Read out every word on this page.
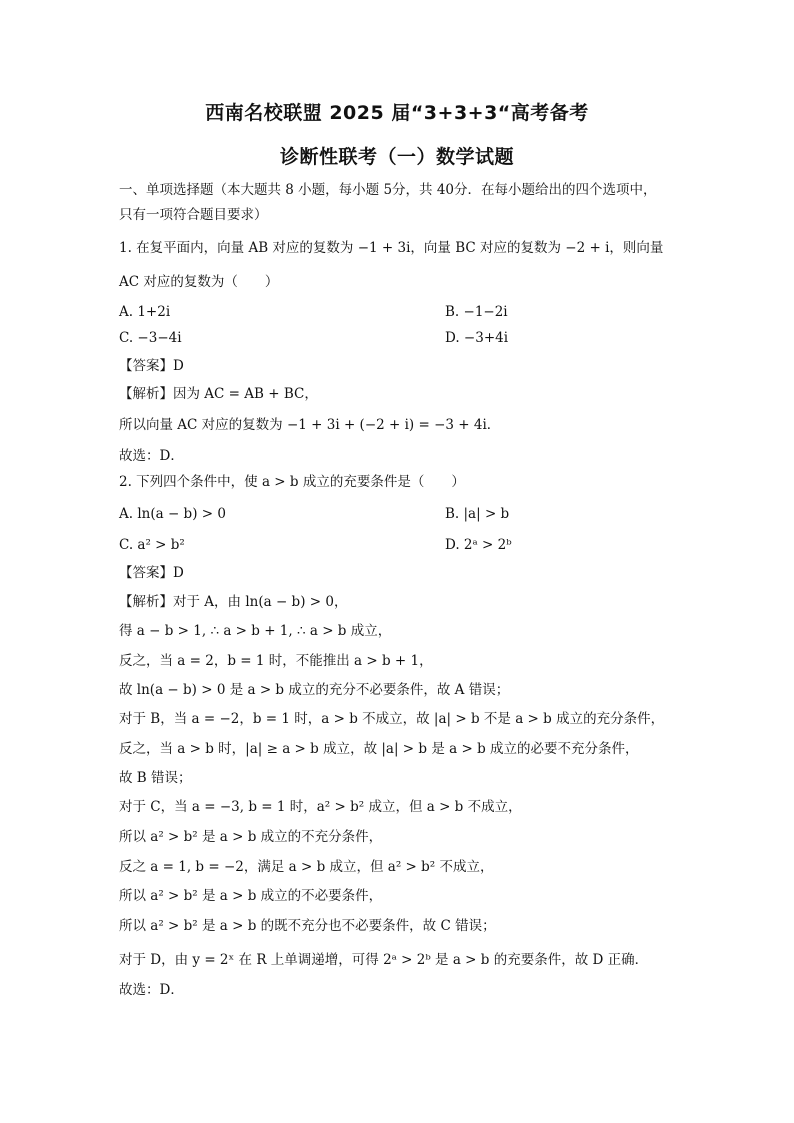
西南名校联盟 2025 届“3+3+3“高考备考
诊断性联考（一）数学试题
一、单项选择题（本大题共 8 小题，每小题 5分，共 40分．在每小题给出的四个选项中，
只有一项符合题目要求）
1. 在复平面内，向量 AB 对应的复数为 −1 + 3i，向量 BC 对应的复数为 −2 + i，则向量
AC 对应的复数为（　　）
A. 1+2i	B. −1−2i
C. −3−4i	D. −3+4i
【答案】D
【解析】因为 AC = AB + BC，
所以向量 AC 对应的复数为 −1 + 3i + (−2 + i) = −3 + 4i．
故选：D．
2. 下列四个条件中，使 a > b 成立的充要条件是（　　）
A. ln(a − b) > 0	B. |a| > b
C. a² > b²	D. 2ᵃ > 2ᵇ
【答案】D
【解析】对于 A，由 ln(a − b) > 0，
得 a − b > 1, ∴ a > b + 1, ∴ a > b 成立，
反之，当 a = 2，b = 1 时，不能推出 a > b + 1，
故 ln(a − b) > 0 是 a > b 成立的充分不必要条件，故 A 错误；
对于 B，当 a = −2，b = 1 时，a > b 不成立，故 |a| > b 不是 a > b 成立的充分条件，
反之，当 a > b 时，|a| ≥ a > b 成立，故 |a| > b 是 a > b 成立的必要不充分条件，
故 B 错误；
对于 C，当 a = −3, b = 1 时，a² > b² 成立，但 a > b 不成立，
所以 a² > b² 是 a > b 成立的不充分条件，
反之 a = 1, b = −2，满足 a > b 成立，但 a² > b² 不成立，
所以 a² > b² 是 a > b 成立的不必要条件，
所以 a² > b² 是 a > b 的既不充分也不必要条件，故 C 错误；
对于 D，由 y = 2ˣ 在 R 上单调递增，可得 2ᵃ > 2ᵇ 是 a > b 的充要条件，故 D 正确．
故选：D．
